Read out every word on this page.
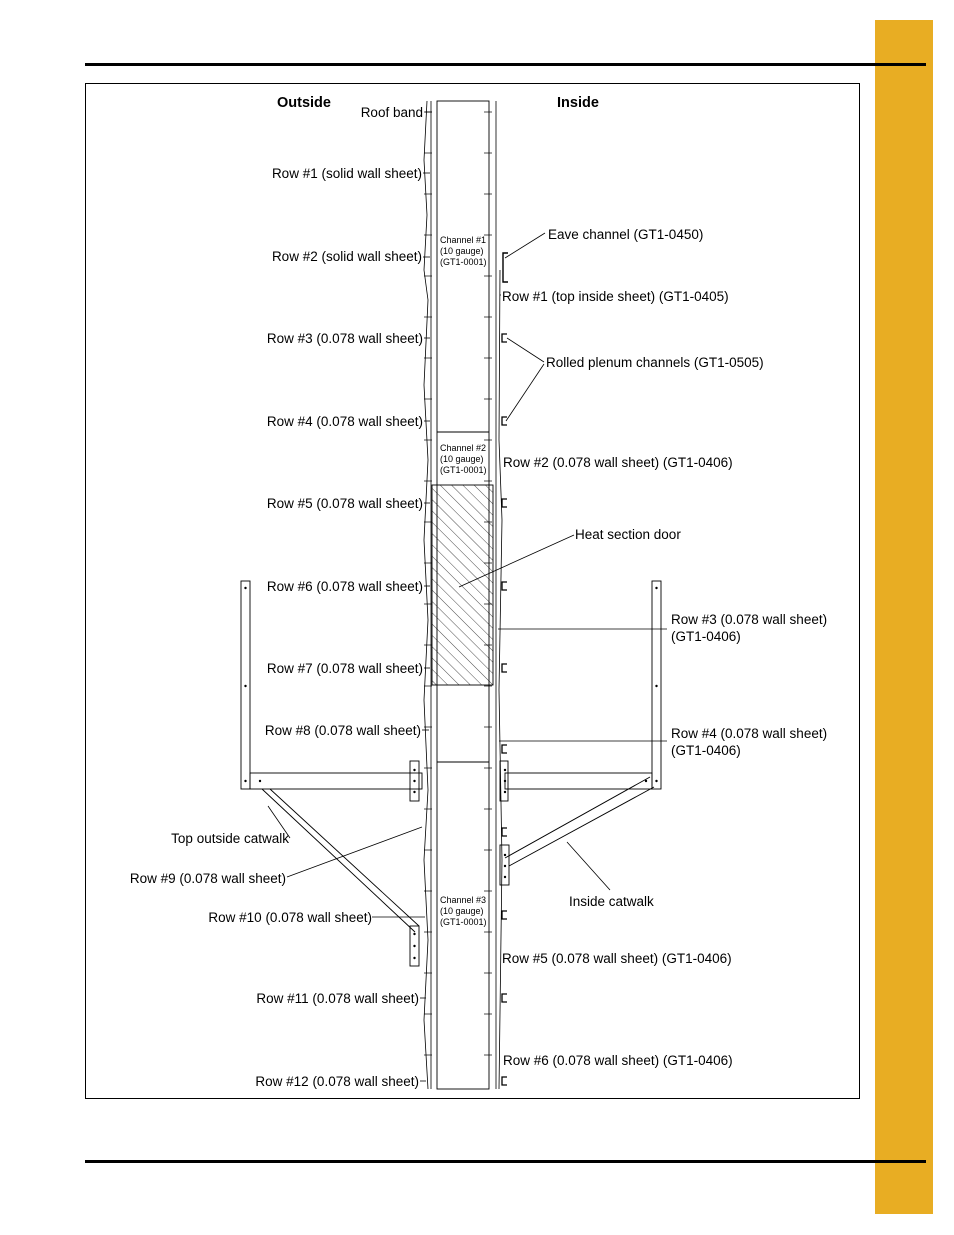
Outside	Inside
Channel #1
(10 gauge)
(GT1-0001)
Channel #2
(10 gauge)
(GT1-0001)
Channel #3
(10 gauge)
(GT1-0001)
Roof band
Row #1 (solid wall sheet)
Row #2 (solid wall sheet)
Row #3 (0.078 wall sheet)
Row #4 (0.078 wall sheet)
Row #5 (0.078 wall sheet)
Row #6 (0.078 wall sheet)
Row #7 (0.078 wall sheet)
Row #8 (0.078 wall sheet)
Top outside catwalk
Row #9 (0.078 wall sheet)
Row #10 (0.078 wall sheet)
Row #11 (0.078 wall sheet)
Row #12 (0.078 wall sheet)
Eave channel (GT1-0450)
Row #1 (top inside sheet) (GT1-0405)
Rolled plenum channels (GT1-0505)
Row #2 (0.078 wall sheet) (GT1-0406)
Heat section door
Row #3 (0.078 wall sheet)
(GT1-0406)
Row #4 (0.078 wall sheet)
(GT1-0406)
Inside catwalk
Row #5 (0.078 wall sheet) (GT1-0406)
Row #6 (0.078 wall sheet) (GT1-0406)
